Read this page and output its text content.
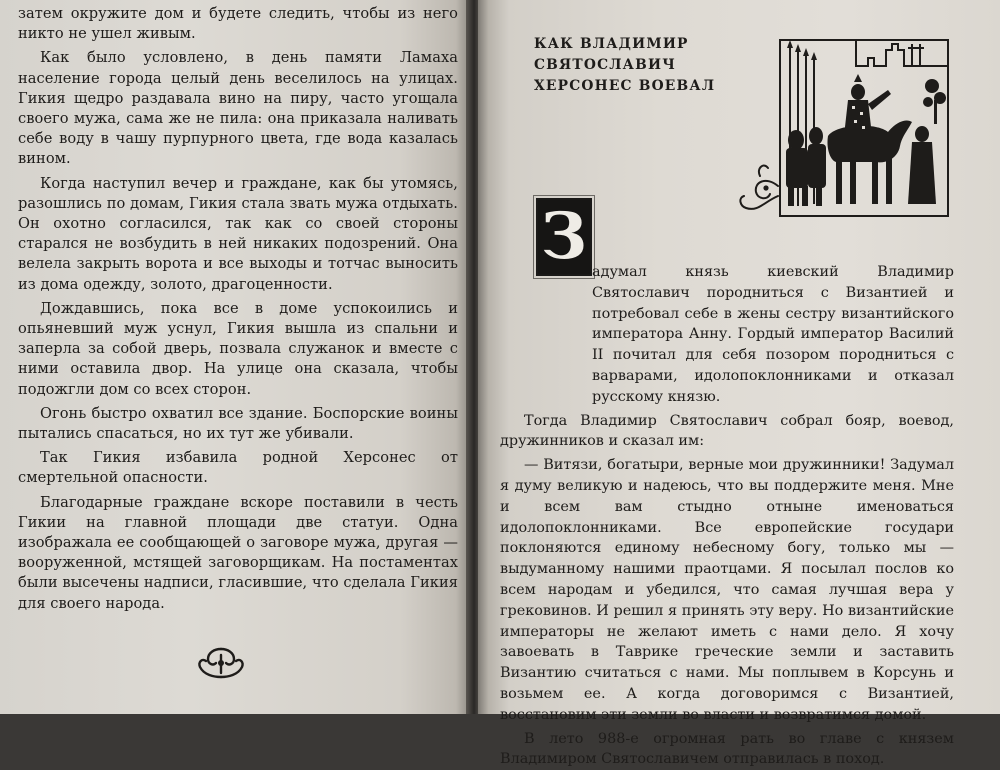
затем окружите дом и будете следить, чтобы из него никто не ушел живым.

Как было условлено, в день памяти Ламаха население города целый день веселилось на улицах. Гикия щедро раздавала вино на пиру, часто угощала своего мужа, сама же не пила: она приказала наливать себе воду в чашу пурпурного цвета, где вода казалась вином.

Когда наступил вечер и граждане, как бы утомясь, разошлись по домам, Гикия стала звать мужа отдыхать. Он охотно согласился, так как со своей стороны старался не возбудить в ней никаких подозрений. Она велела закрыть ворота и все выходы и тотчас выносить из дома одежду, золото, драгоценности.

Дождавшись, пока все в доме успокоились и опьяневший муж уснул, Гикия вышла из спальни и заперла за собой дверь, позвала служанок и вместе с ними оставила двор. На улице она сказала, чтобы подожгли дом со всех сторон.

Огонь быстро охватил все здание. Боспорские воины пытались спасаться, но их тут же убивали.

Так Гикия избавила родной Херсонес от смертельной опасности.

Благодарные граждане вскоре поставили в честь Гикии на главной площади две статуи. Одна изображала ее сообщающей о заговоре мужа, другая — вооруженной, мстящей заговорщикам. На постаментах были высечены надписи, гласившие, что сделала Гикия для своего народа.

КАК ВЛАДИМИР
СВЯТОСЛАВИЧ
ХЕРСОНЕС ВОЕВАЛ
З адумал князь киевский Владимир Святославич породниться с Византией и потребовал себе в жены сестру византийского императора Анну. Гордый император Василий II почитал для себя позором породниться с варварами, идолопоклонниками и отказал русскому князю.

Тогда Владимир Святославич собрал бояр, воевод, дружинников и сказал им:

— Витязи, богатыри, верные мои дружинники! Задумал я думу великую и надеюсь, что вы поддержите меня. Мне и всем вам стыдно отныне именоваться идолопоклонниками. Все европейские государи поклоняются единому небесному богу, только мы — выдуманному нашими праотцами. Я посылал послов ко всем народам и убедился, что самая лучшая вера у грековинов. И решил я принять эту веру. Но византийские императоры не желают иметь с нами дело. Я хочу завоевать в Таврике греческие земли и заставить Византию считаться с нами. Мы поплывем в Корсунь и возьмем ее. А когда договоримся с Византией, восстановим эти земли во власти и возвратимся домой.

В лето 988-е огромная рать во главе с князем Владимиром Святославичем отправилась в поход.
